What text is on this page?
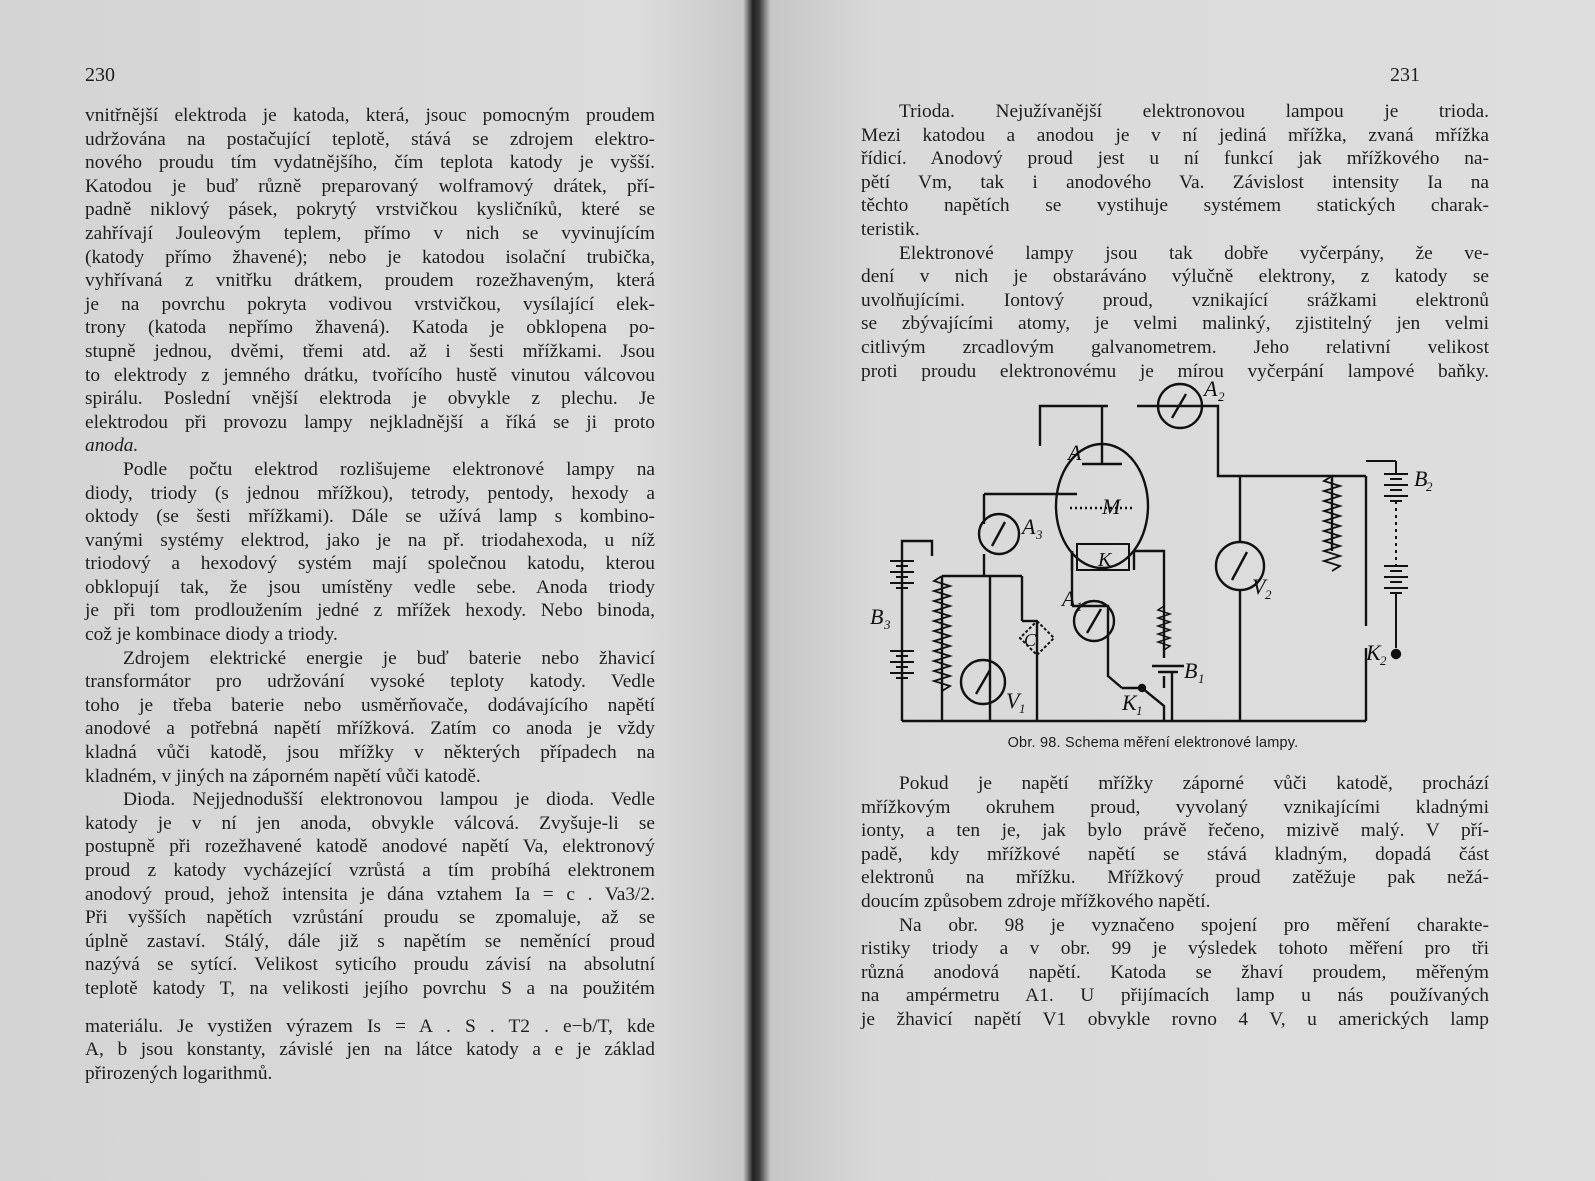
230
vnitřnější elektroda je katoda, která, jsouc pomocným proudem
udržována na postačující teplotě, stává se zdrojem elektro-
nového proudu tím vydatnějšího, čím teplota katody je vyšší.
Katodou je buď různě preparovaný wolframový drátek, pří-
padně niklový pásek, pokrytý vrstvičkou kysličníků, které se
zahřívají Jouleovým teplem, přímo v nich se vyvinujícím
(katody přímo žhavené); nebo je katodou isolační trubička,
vyhřívaná z vnitřku drátkem, proudem rozežhaveným, která
je na povrchu pokryta vodivou vrstvičkou, vysílající elek-
trony (katoda nepřímo žhavená). Katoda je obklopena po-
stupně jednou, dvěmi, třemi atd. až i šesti mřížkami. Jsou
to elektrody z jemného drátku, tvořícího hustě vinutou válcovou
spirálu. Poslední vnější elektroda je obvykle z plechu. Je
elektrodou při provozu lampy nejkladnější a říká se ji proto
anoda.
Podle počtu elektrod rozlišujeme elektronové lampy na
diody, triody (s jednou mřížkou), tetrody, pentody, hexody a
oktody (se šesti mřížkami). Dále se užívá lamp s kombino-
vanými systémy elektrod, jako je na př. triodahexoda, u níž
triodový a hexodový systém mají společnou katodu, kterou
obklopují tak, že jsou umístěny vedle sebe. Anoda triody
je při tom prodloužením jedné z mřížek hexody. Nebo binoda,
což je kombinace diody a triody.
Zdrojem elektrické energie je buď baterie nebo žhavicí
transformátor pro udržování vysoké teploty katody. Vedle
toho je třeba baterie nebo usměrňovače, dodávajícího napětí
anodové a potřebná napětí mřížková. Zatím co anoda je vždy
kladná vůči katodě, jsou mřížky v některých případech na
kladném, v jiných na záporném napětí vůči katodě.
Dioda. Nejjednodušší elektronovou lampou je dioda. Vedle
katody je v ní jen anoda, obvykle válcová. Zvyšuje-li se
postupně při rozežhavené katodě anodové napětí Va, elektronový
proud z katody vycházející vzrůstá a tím probíhá elektronem
anodový proud, jehož intensita je dána vztahem Ia = c . Va3/2.
Při vyšších napětích vzrůstání proudu se zpomaluje, až se
úplně zastaví. Stálý, dále již s napětím se neměnící proud
nazývá se sytící. Velikost syticího proudu závisí na absolutní
teplotě katody T, na velikosti jejího povrchu S a na použitém
materiálu. Je vystižen výrazem Is = A . S . T2 . e−b/T, kde
A, b jsou konstanty, závislé jen na látce katody a e je základ
přirozených logarithmů.
231
Trioda. Nejužívanější elektronovou lampou je trioda.
Mezi katodou a anodou je v ní jediná mřížka, zvaná mřížka
řídicí. Anodový proud jest u ní funkcí jak mřížkového na-
pětí Vm, tak i anodového Va. Závislost intensity Ia na
těchto napětích se vystihuje systémem statických charak-
teristik.
Elektronové lampy jsou tak dobře vyčerpány, že ve-
dení v nich je obstaráváno výlučně elektrony, z katody se
uvolňujícími. Iontový proud, vznikající srážkami elektronů
se zbývajícími atomy, je velmi malinký, zjistitelný jen velmi
citlivým zrcadlovým galvanometrem. Jeho relativní velikost
proti proudu elektronovému je mírou vyčerpání lampové baňky.
A 2
A
M
K
A 3
A 1
V 2
B
2
B 3
C
B 1
V 1	K 1
K 2
Obr. 98. Schema měření elektronové lampy.
Pokud je napětí mřížky záporné vůči katodě, prochází
mřížkovým okruhem proud, vyvolaný vznikajícími kladnými
ionty, a ten je, jak bylo právě řečeno, mizivě malý. V pří-
padě, kdy mřížkové napětí se stává kladným, dopadá část
elektronů na mřížku. Mřížkový proud zatěžuje pak nežá-
doucím způsobem zdroje mřížkového napětí.
Na obr. 98 je vyznačeno spojení pro měření charakte-
ristiky triody a v obr. 99 je výsledek tohoto měření pro tři
různá anodová napětí. Katoda se žhaví proudem, měřeným
na ampérmetru A1. U přijímacích lamp u nás používaných
je žhavicí napětí V1 obvykle rovno 4 V, u amerických lamp
